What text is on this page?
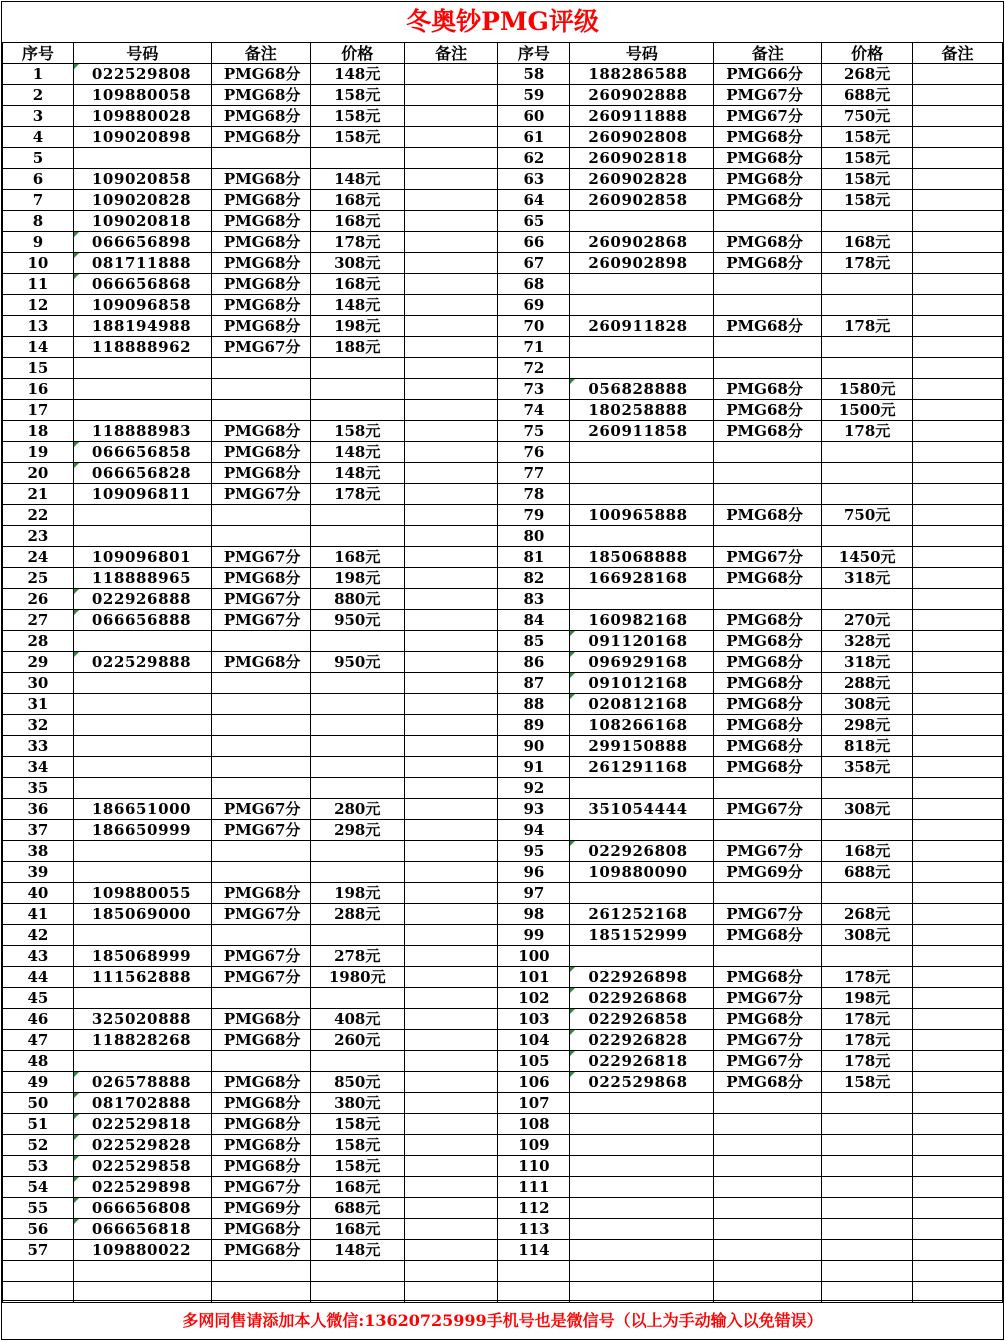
冬奥钞PMG评级
序号	号码	备注	价格	备注	序号	号码	备注	价格	备注
1	022529808	PMG68分	148元		58	188286588	PMG66分	268元	
2	109880058	PMG68分	158元		59	260902888	PMG67分	688元	
3	109880028	PMG68分	158元		60	260911888	PMG67分	750元	
4	109020898	PMG68分	158元		61	260902808	PMG68分	158元	
5					62	260902818	PMG68分	158元	
6	109020858	PMG68分	148元		63	260902828	PMG68分	158元	
7	109020828	PMG68分	168元		64	260902858	PMG68分	158元	
8	109020818	PMG68分	168元		65				
9	066656898	PMG68分	178元		66	260902868	PMG68分	168元	
10	081711888	PMG68分	308元		67	260902898	PMG68分	178元	
11	066656868	PMG68分	168元		68				
12	109096858	PMG68分	148元		69				
13	188194988	PMG68分	198元		70	260911828	PMG68分	178元	
14	118888962	PMG67分	188元		71				
15					72				
16					73	056828888	PMG68分	1580元	
17					74	180258888	PMG68分	1500元	
18	118888983	PMG68分	158元		75	260911858	PMG68分	178元	
19	066656858	PMG68分	148元		76				
20	066656828	PMG68分	148元		77				
21	109096811	PMG67分	178元		78				
22					79	100965888	PMG68分	750元	
23					80				
24	109096801	PMG67分	168元		81	185068888	PMG67分	1450元	
25	118888965	PMG68分	198元		82	166928168	PMG68分	318元	
26	022926888	PMG67分	880元		83				
27	066656888	PMG67分	950元		84	160982168	PMG68分	270元	
28					85	091120168	PMG68分	328元	
29	022529888	PMG68分	950元		86	096929168	PMG68分	318元	
30					87	091012168	PMG68分	288元	
31					88	020812168	PMG68分	308元	
32					89	108266168	PMG68分	298元	
33					90	299150888	PMG68分	818元	
34					91	261291168	PMG68分	358元	
35					92				
36	186651000	PMG67分	280元		93	351054444	PMG67分	308元	
37	186650999	PMG67分	298元		94				
38					95	022926808	PMG67分	168元	
39					96	109880090	PMG69分	688元	
40	109880055	PMG68分	198元		97				
41	185069000	PMG67分	288元		98	261252168	PMG67分	268元	
42					99	185152999	PMG68分	308元	
43	185068999	PMG67分	278元		100				
44	111562888	PMG67分	1980元		101	022926898	PMG68分	178元	
45					102	022926868	PMG67分	198元	
46	325020888	PMG68分	408元		103	022926858	PMG68分	178元	
47	118828268	PMG68分	260元		104	022926828	PMG67分	178元	
48					105	022926818	PMG67分	178元	
49	026578888	PMG68分	850元		106	022529868	PMG68分	158元	
50	081702888	PMG68分	380元		107				
51	022529818	PMG68分	158元		108				
52	022529828	PMG68分	158元		109				
53	022529858	PMG68分	158元		110				
54	022529898	PMG67分	168元		111				
55	066656808	PMG69分	688元		112				
56	066656818	PMG68分	168元		113				
57	109880022	PMG68分	148元		114				

多网同售请添加本人微信:13620725999手机号也是微信号（以上为手动输入以免错误）
